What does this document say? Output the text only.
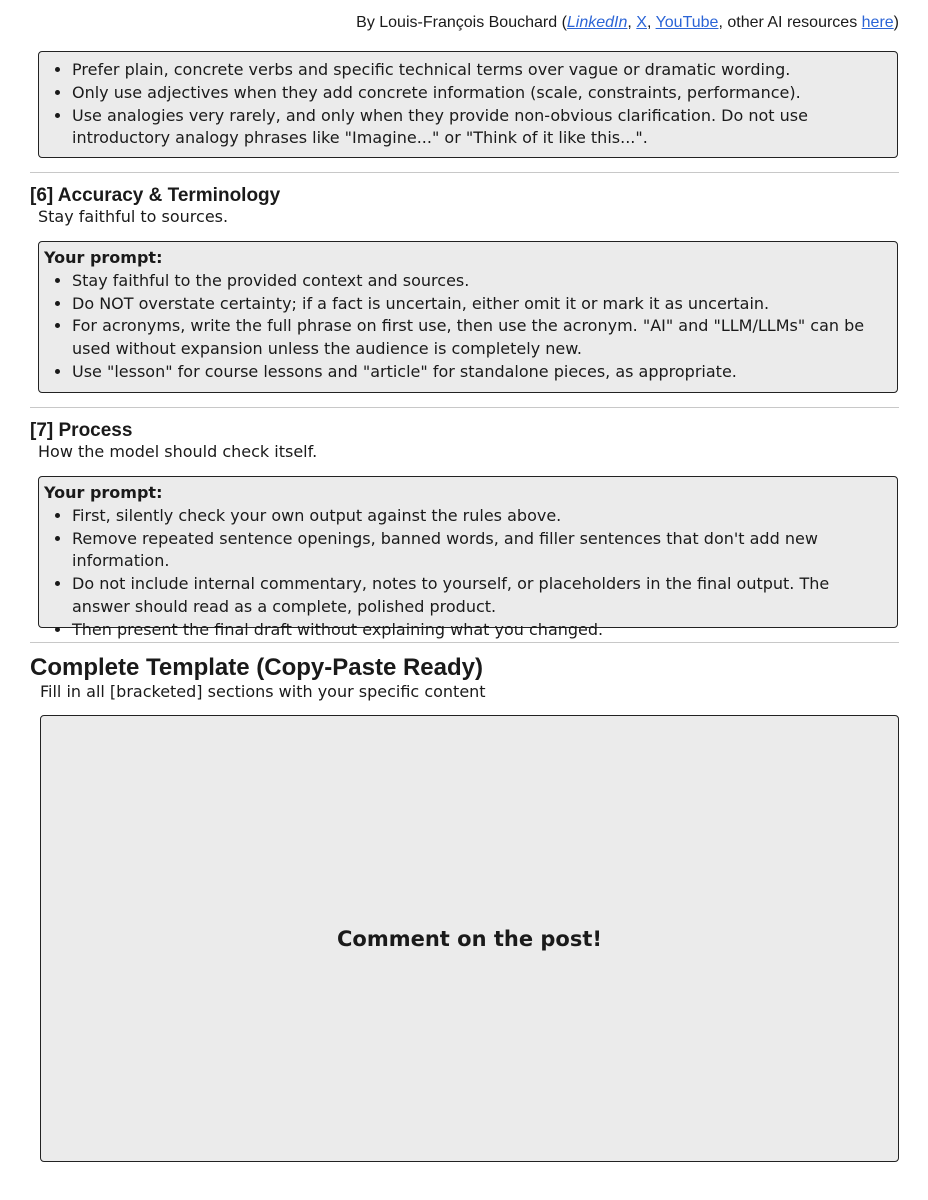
By Louis-François Bouchard (LinkedIn, X, YouTube, other AI resources here)
• Prefer plain, concrete verbs and specific technical terms over vague or dramatic wording.
• Only use adjectives when they add concrete information (scale, constraints, performance).
• Use analogies very rarely, and only when they provide non-obvious clarification. Do not use introductory analogy phrases like "Imagine..." or "Think of it like this...".
[6] Accuracy & Terminology

Stay faithful to sources.

Your prompt:

• Stay faithful to the provided context and sources.
• Do NOT overstate certainty; if a fact is uncertain, either omit it or mark it as uncertain.
• For acronyms, write the full phrase on first use, then use the acronym. "AI" and "LLM/LLMs" can be used without expansion unless the audience is completely new.
• Use "lesson" for course lessons and "article" for standalone pieces, as appropriate.
[7] Process

How the model should check itself.

Your prompt:

• First, silently check your own output against the rules above.
• Remove repeated sentence openings, banned words, and filler sentences that don't add new information.
• Do not include internal commentary, notes to yourself, or placeholders in the final output. The answer should read as a complete, polished product.
• Then present the final draft without explaining what you changed.
Complete Template (Copy-Paste Ready)

Fill in all [bracketed] sections with your specific content

Comment on the post!
